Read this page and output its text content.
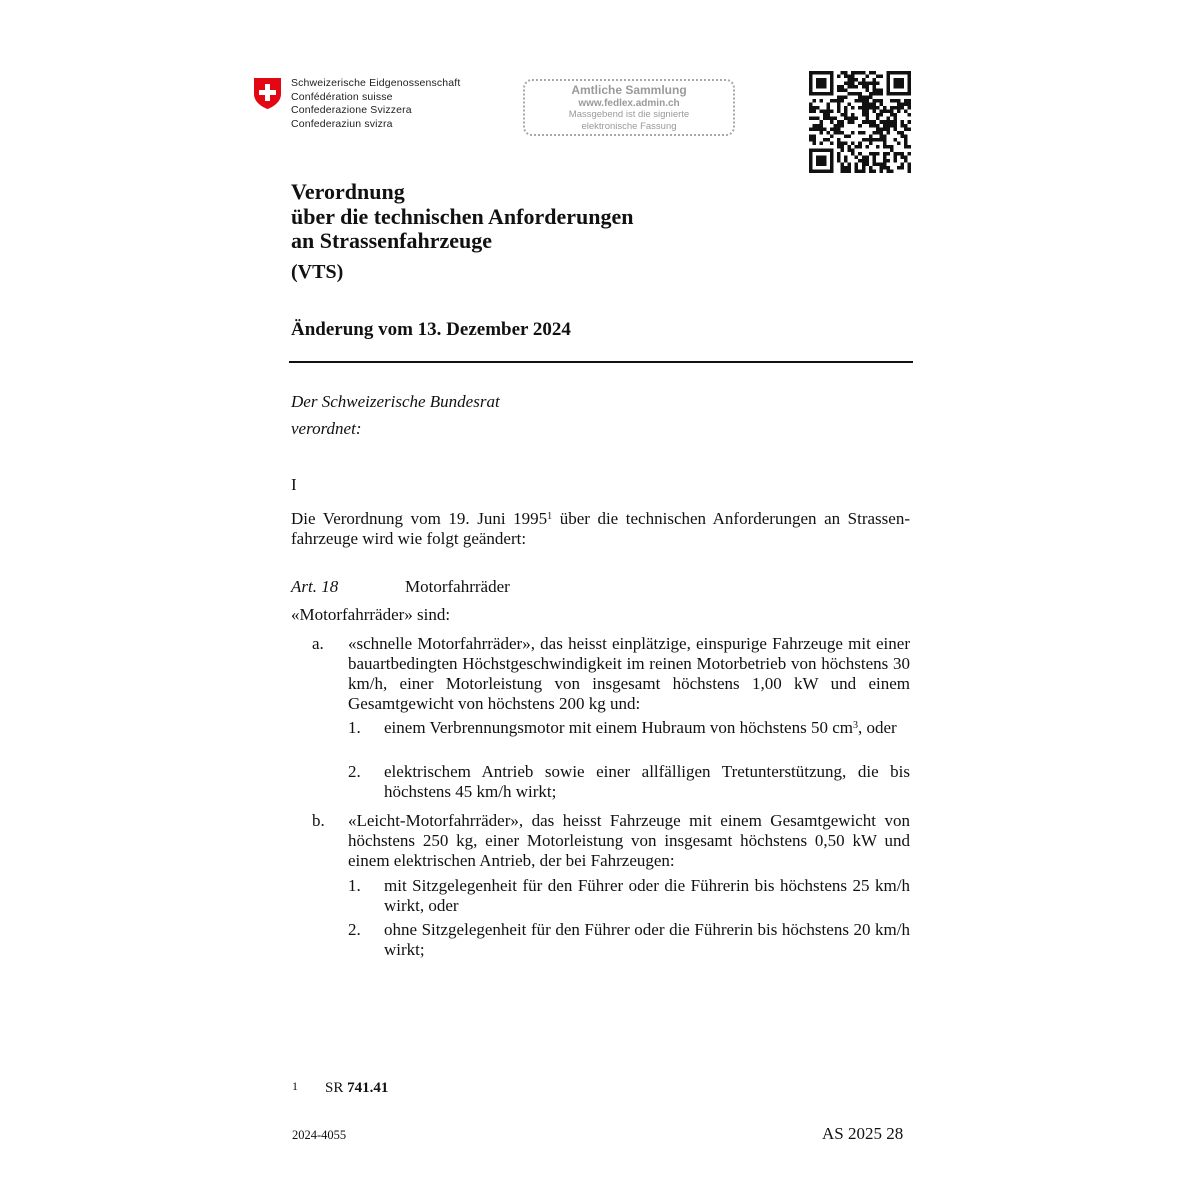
Schweizerische Eidgenossenschaft
Confédération suisse
Confederazione Svizzera
Confederaziun svizra
Amtliche Sammlung
www.fedlex.admin.ch
Massgebend ist die signierte
elektronische Fassung
Verordnung
über die technischen Anforderungen
an Strassenfahrzeuge
(VTS)
Änderung vom 13. Dezember 2024
Der Schweizerische Bundesrat
verordnet:
I
Die Verordnung vom 19. Juni 1995$^1$ über die technischen Anforderungen an Strassen-fahrzeuge wird wie folgt geändert:
Art. 18	Motorfahrräder
«Motorfahrräder» sind:
a. «schnelle Motorfahrräder», das heisst einplätzige, einspurige Fahrzeuge mit einer bauartbedingten Höchstgeschwindigkeit im reinen Motorbetrieb von höchstens 30 km/h, einer Motorleistung von insgesamt höchstens 1,00 kW und einem Gesamtgewicht von höchstens 200 kg und:
1. einem Verbrennungsmotor mit einem Hubraum von höchstens 50 $cm^3$, oder
2. elektrischem Antrieb sowie einer allfälligen Tretunterstützung, die bis höchstens 45 km/h wirkt;
b. «Leicht-Motorfahrräder», das heisst Fahrzeuge mit einem Gesamtgewicht von höchstens 250 kg, einer Motorleistung von insgesamt höchstens 0,50 kW und einem elektrischen Antrieb, der bei Fahrzeugen:
1. mit Sitzgelegenheit für den Führer oder die Führerin bis höchstens 25 km/h wirkt, oder
2. ohne Sitzgelegenheit für den Führer oder die Führerin bis höchstens 20 km/h wirkt;
1 SR 741.41
2024-4055	AS 2025 28
